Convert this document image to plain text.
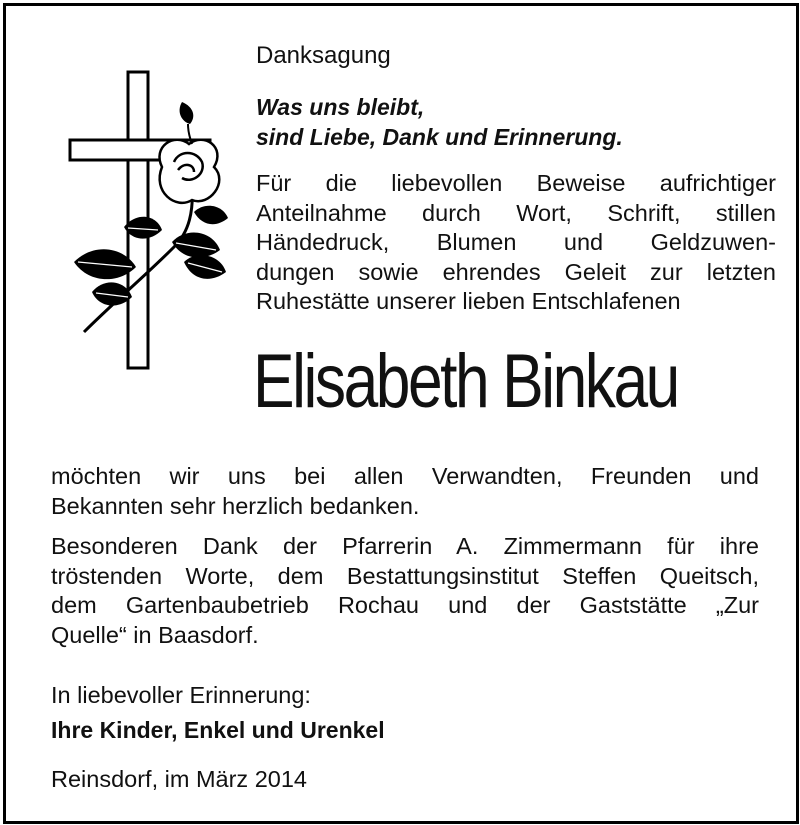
Danksagung

Was uns bleibt,
sind Liebe, Dank und Erinnerung.

Für die liebevollen Beweise aufrichtiger
Anteilnahme durch Wort, Schrift, stillen
Händedruck, Blumen und Geldzuwen-
dungen sowie ehrendes Geleit zur letzten
Ruhestätte unserer lieben Entschlafenen

Elisabeth Binkau

möchten wir uns bei allen Verwandten, Freunden und
Bekannten sehr herzlich bedanken.

Besonderen Dank der Pfarrerin A. Zimmermann für ihre
tröstenden Worte, dem Bestattungsinstitut Steffen Queitsch,
dem Gartenbaubetrieb Rochau und der Gaststätte „Zur
Quelle“ in Baasdorf.

In liebevoller Erinnerung:

Ihre Kinder, Enkel und Urenkel

Reinsdorf, im März 2014
